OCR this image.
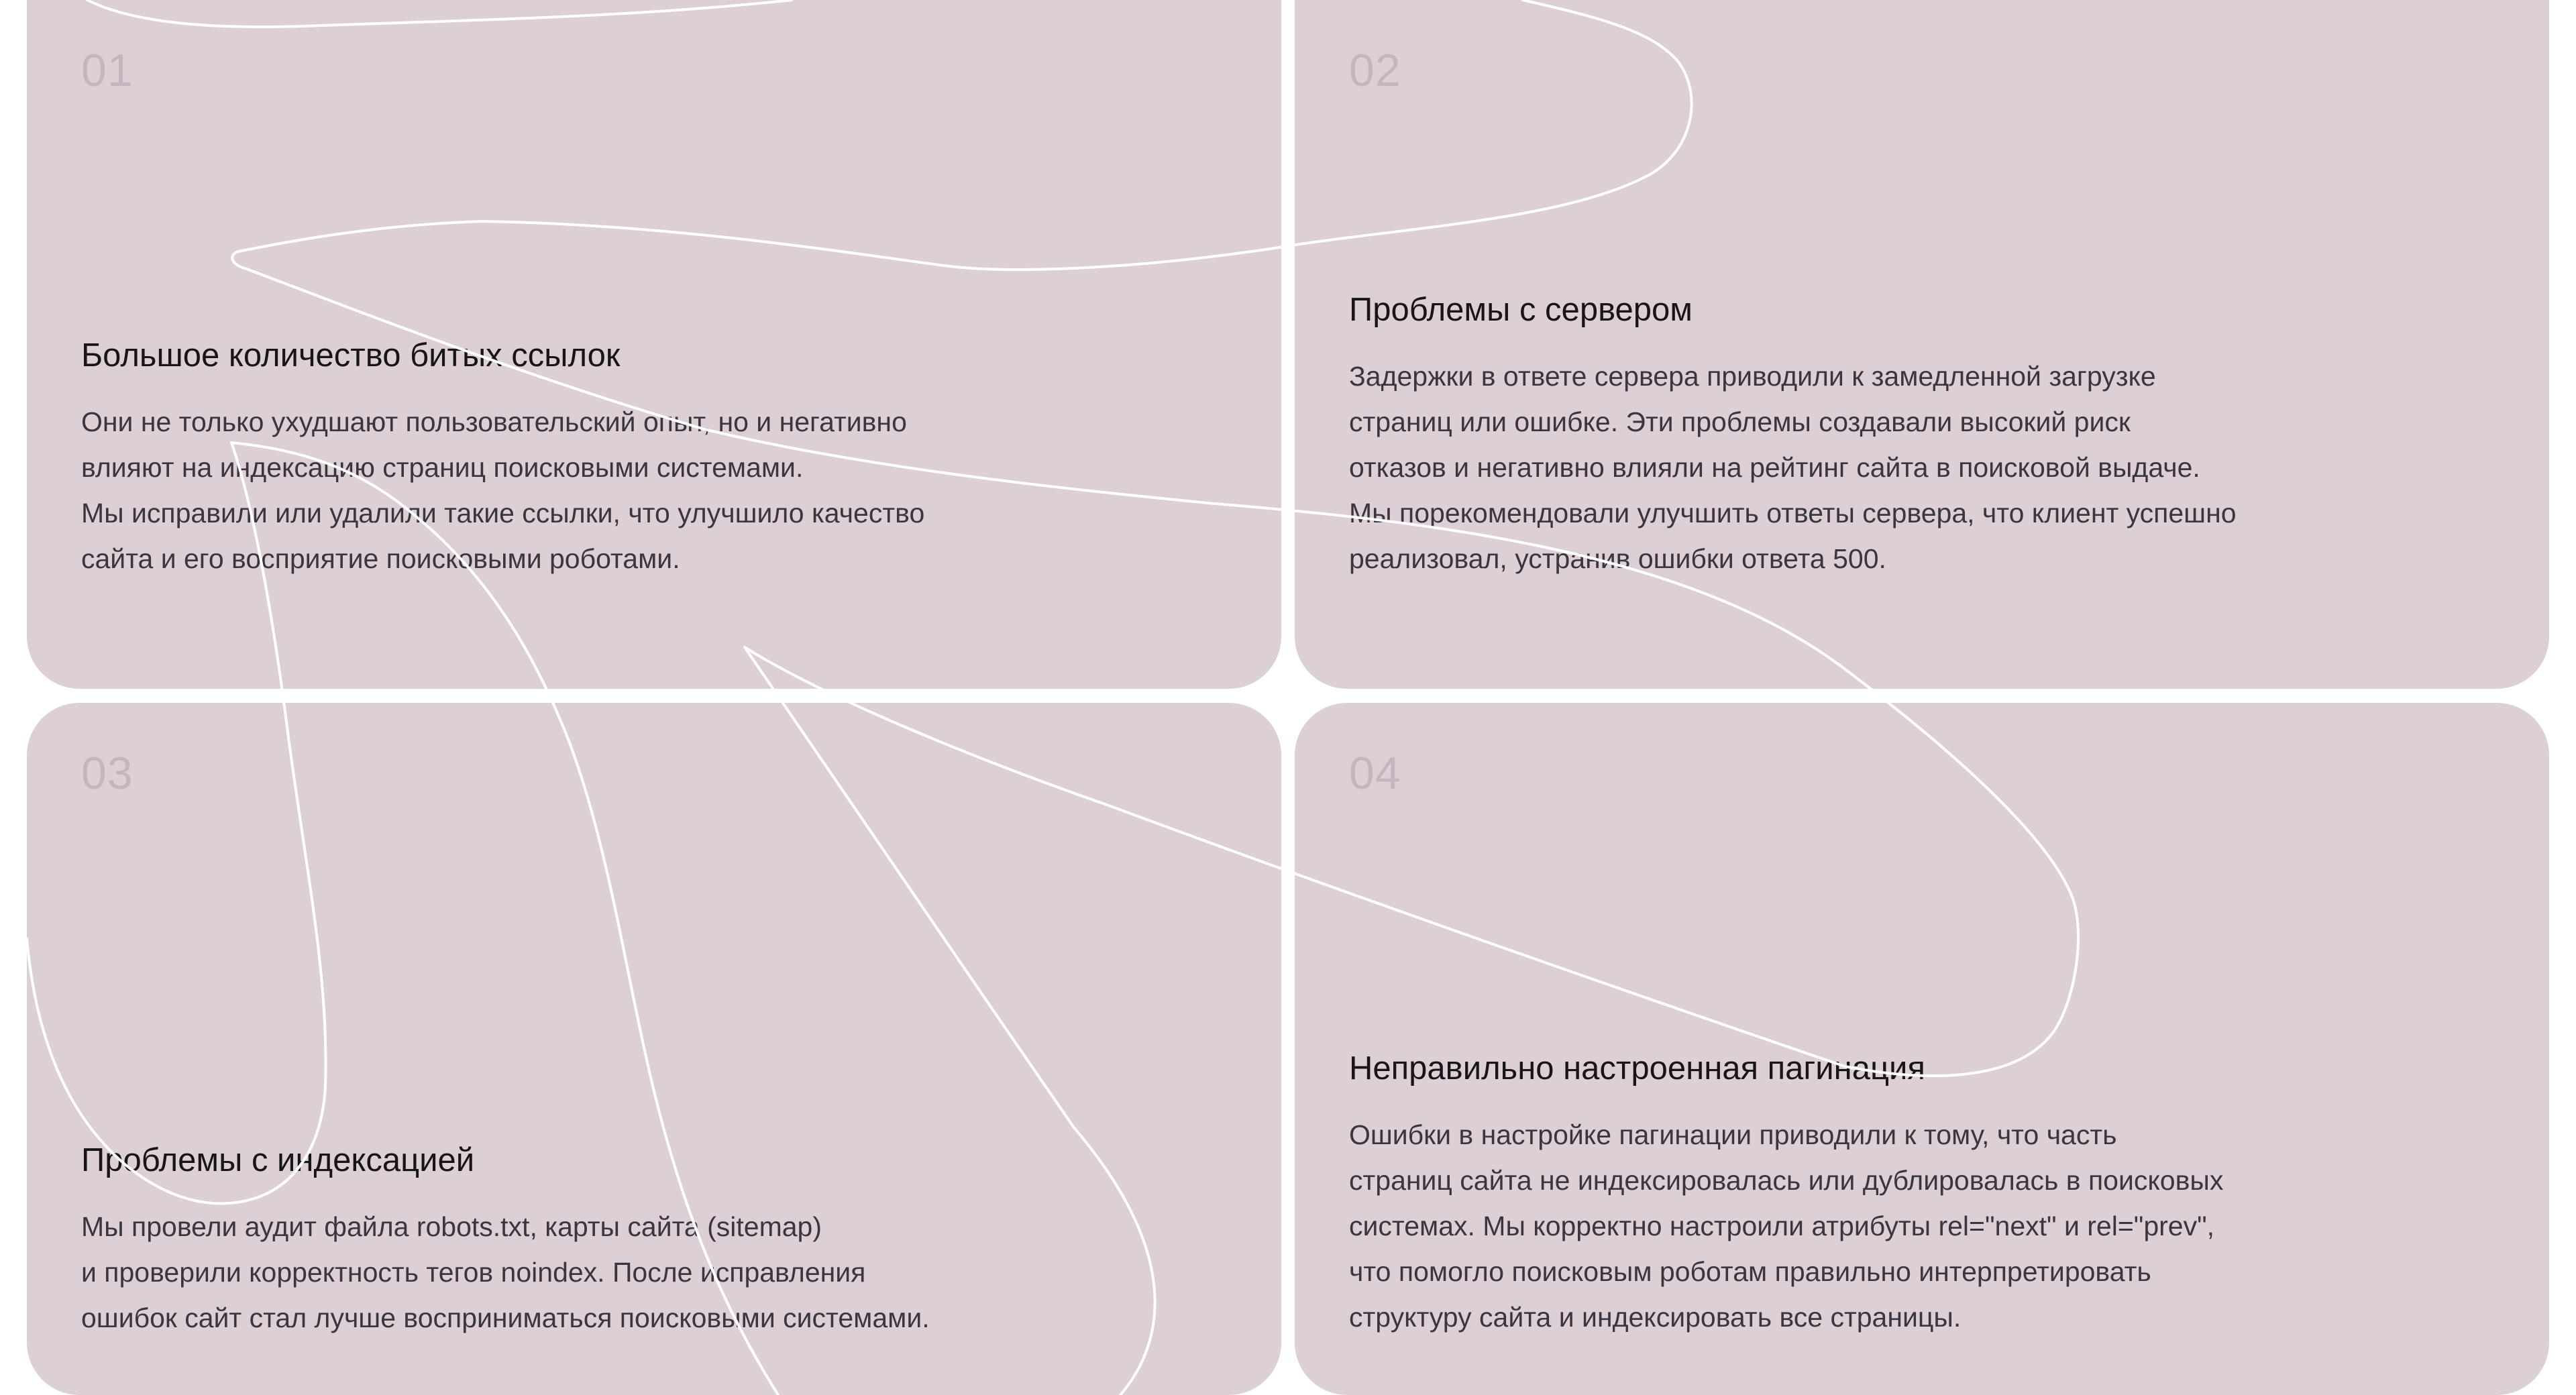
01
Большое количество битых ссылок

Они не только ухудшают пользовательский опыт, но и негативно

влияют на индексацию страниц поисковыми системами.

Мы исправили или удалили такие ссылки, что улучшило качество

сайта и его восприятие поисковыми роботами.

02
Проблемы с сервером

Задержки в ответе сервера приводили к замедленной загрузке

страниц или ошибке. Эти проблемы создавали высокий риск

отказов и негативно влияли на рейтинг сайта в поисковой выдаче.

Мы порекомендовали улучшить ответы сервера, что клиент успешно

реализовал, устранив ошибки ответа 500.

03
Проблемы с индексацией

Мы провели аудит файла robots.txt, карты сайта (sitemap)

и проверили корректность тегов noindex. После исправления

ошибок сайт стал лучше восприниматься поисковыми системами.

04
Неправильно настроенная пагинация

Ошибки в настройке пагинации приводили к тому, что часть

страниц сайта не индексировалась или дублировалась в поисковых

системах. Мы корректно настроили атрибуты rel="next" и rel="prev",

что помогло поисковым роботам правильно интерпретировать

структуру сайта и индексировать все страницы.
